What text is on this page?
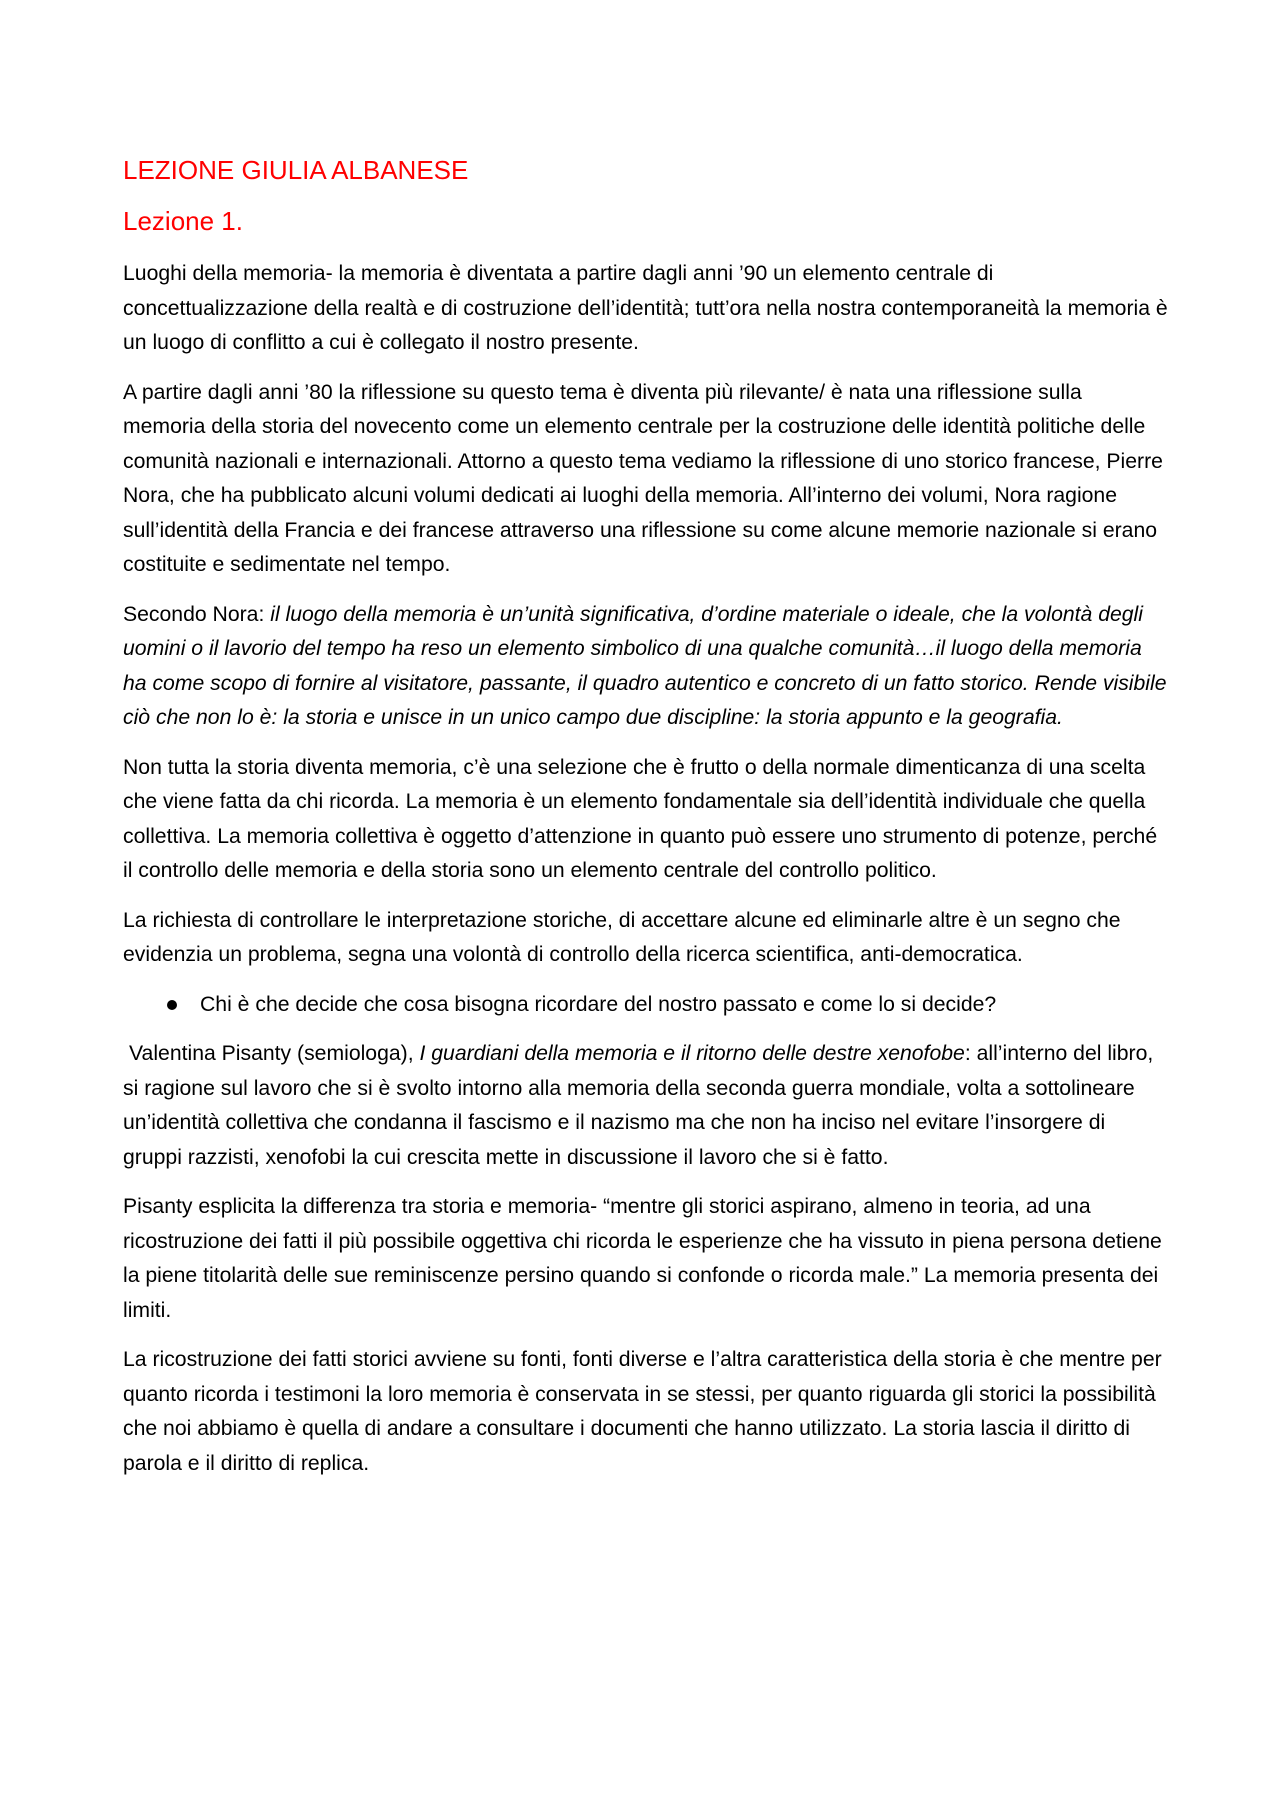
LEZIONE GIULIA ALBANESE
Lezione 1.

Luoghi della memoria- la memoria è diventata a partire dagli anni ’90 un elemento centrale di concettualizzazione della realtà e di costruzione dell’identità; tutt’ora nella nostra contemporaneità la memoria è un luogo di conflitto a cui è collegato il nostro presente.

A partire dagli anni ’80 la riflessione su questo tema è diventa più rilevante/ è nata una riflessione sulla memoria della storia del novecento come un elemento centrale per la costruzione delle identità politiche delle comunità nazionali e internazionali. Attorno a questo tema vediamo la riflessione di uno storico francese, Pierre Nora, che ha pubblicato alcuni volumi dedicati ai luoghi della memoria. All’interno dei volumi, Nora ragione sull’identità della Francia e dei francese attraverso una riflessione su come alcune memorie nazionale si erano costituite e sedimentate nel tempo.

Secondo Nora: il luogo della memoria è un’unità significativa, d’ordine materiale o ideale, che la volontà degli uomini o il lavorio del tempo ha reso un elemento simbolico di una qualche comunità…il luogo della memoria ha come scopo di fornire al visitatore, passante, il quadro autentico e concreto di un fatto storico. Rende visibile ciò che non lo è: la storia e unisce in un unico campo due discipline: la storia appunto e la geografia.

Non tutta la storia diventa memoria, c’è una selezione che è frutto o della normale dimenticanza di una scelta che viene fatta da chi ricorda. La memoria è un elemento fondamentale sia dell’identità individuale che quella collettiva. La memoria collettiva è oggetto d’attenzione in quanto può essere uno strumento di potenze, perché il controllo delle memoria e della storia sono un elemento centrale del controllo politico.

La richiesta di controllare le interpretazione storiche, di accettare alcune ed eliminarle altre è un segno che evidenzia un problema, segna una volontà di controllo della ricerca scientifica, anti-democratica.

Chi è che decide che cosa bisogna ricordare del nostro passato e come lo si decide?

Valentina Pisanty (semiologa), I guardiani della memoria e il ritorno delle destre xenofobe: all’interno del libro, si ragione sul lavoro che si è svolto intorno alla memoria della seconda guerra mondiale, volta a sottolineare un’identità collettiva che condanna il fascismo e il nazismo ma che non ha inciso nel evitare l’insorgere di gruppi razzisti, xenofobi la cui crescita mette in discussione il lavoro che si è fatto.

Pisanty esplicita la differenza tra storia e memoria- “mentre gli storici aspirano, almeno in teoria, ad una ricostruzione dei fatti il più possibile oggettiva chi ricorda le esperienze che ha vissuto in piena persona detiene la piene titolarità delle sue reminiscenze persino quando si confonde o ricorda male.” La memoria presenta dei limiti.

La ricostruzione dei fatti storici avviene su fonti, fonti diverse e l’altra caratteristica della storia è che mentre per quanto ricorda i testimoni la loro memoria è conservata in se stessi, per quanto riguarda gli storici la possibilità che noi abbiamo è quella di andare a consultare i documenti che hanno utilizzato. La storia lascia il diritto di parola e il diritto di replica.
